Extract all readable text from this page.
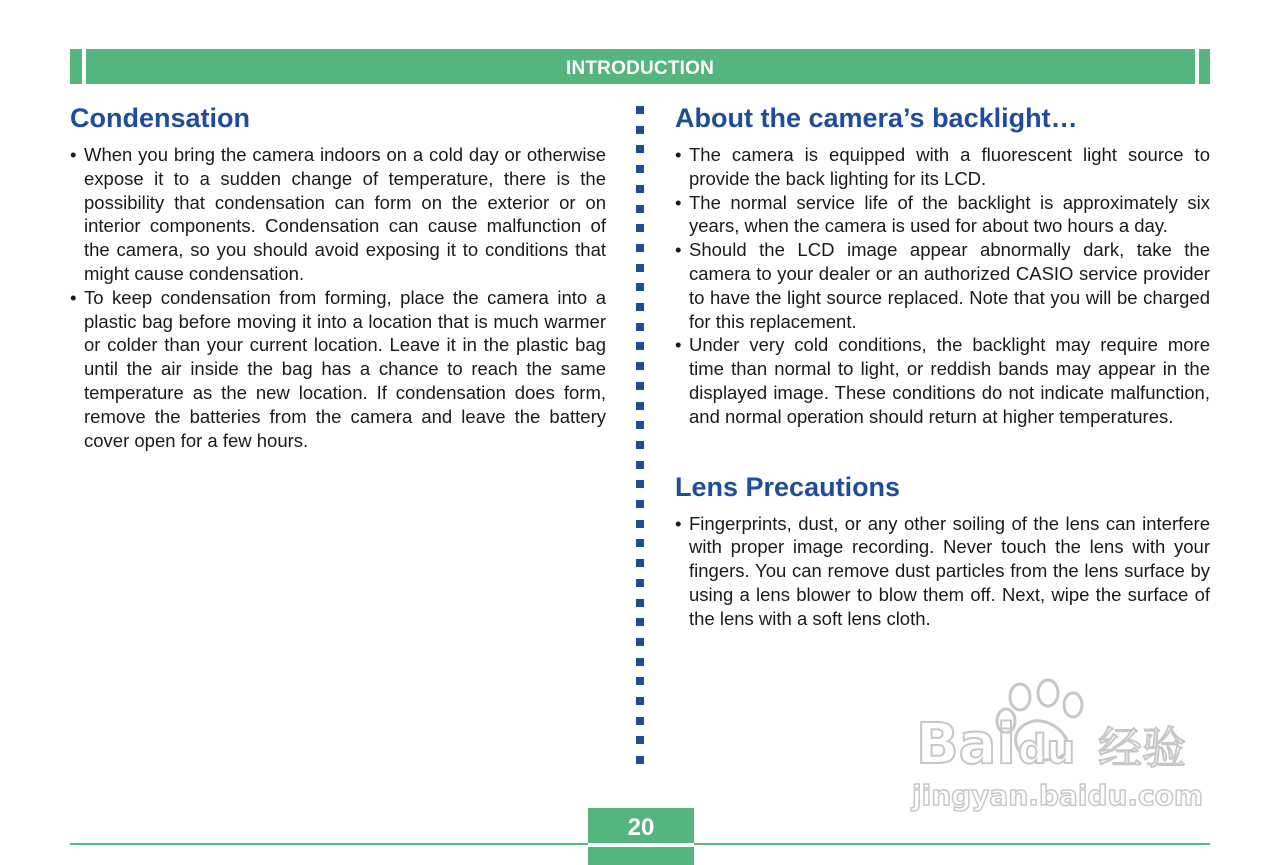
INTRODUCTION
Condensation
• When you bring the camera indoors on a cold day or otherwise expose it to a sudden change of temperature, there is the possibility that condensation can form on the exterior or on interior components. Condensation can cause malfunction of the camera, so you should avoid exposing it to conditions that might cause condensation.
• To keep condensation from forming, place the camera into a plastic bag before moving it into a location that is much warmer or colder than your current location. Leave it in the plastic bag until the air inside the bag has a chance to reach the same temperature as the new location. If condensation does form, remove the batteries from the camera and leave the battery cover open for a few hours.
About the camera’s backlight…
• The camera is equipped with a fluorescent light source to provide the back lighting for its LCD.
• The normal service life of the backlight is approximately six years, when the camera is used for about two hours a day.
• Should the LCD image appear abnormally dark, take the camera to your dealer or an authorized CASIO service provider to have the light source replaced. Note that you will be charged for this replacement.
• Under very cold conditions, the backlight may require more time than normal to light, or reddish bands may appear in the displayed image. These conditions do not indicate malfunction, and normal operation should return at higher temperatures.
Lens Precautions
• Fingerprints, dust, or any other soiling of the lens can interfere with proper image recording. Never touch the lens with your fingers. You can remove dust particles from the lens surface by using a lens blower to blow them off. Next, wipe the surface of the lens with a soft lens cloth.
Bai du 经验
jingyan.baidu.com
20
